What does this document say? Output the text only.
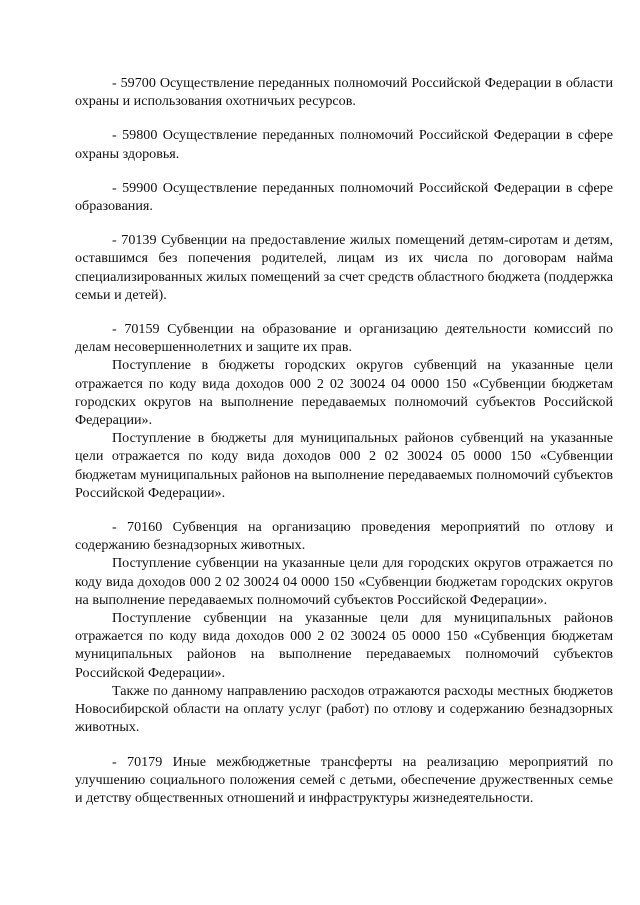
- 59700 Осуществление переданных полномочий Российской Федерации в области охраны и использования охотничьих ресурсов.

- 59800 Осуществление переданных полномочий Российской Федерации в сфере охраны здоровья.

- 59900 Осуществление переданных полномочий Российской Федерации в сфере образования.

- 70139 Субвенции на предоставление жилых помещений детям-сиротам и детям, оставшимся без попечения родителей, лицам из их числа по договорам найма специализированных жилых помещений за счет средств областного бюджета (поддержка семьи и детей).

- 70159 Субвенции на образование и организацию деятельности комиссий по делам несовершеннолетних и защите их прав.

Поступление в бюджеты городских округов субвенций на указанные цели отражается по коду вида доходов 000 2 02 30024 04 0000 150 «Субвенции бюджетам городских округов на выполнение передаваемых полномочий субъектов Российской Федерации».

Поступление в бюджеты для муниципальных районов субвенций на указанные цели отражается по коду вида доходов 000 2 02 30024 05 0000 150 «Субвенции бюджетам муниципальных районов на выполнение передаваемых полномочий субъектов Российской Федерации».

- 70160 Субвенция на организацию проведения мероприятий по отлову и содержанию безнадзорных животных.

Поступление субвенции на указанные цели для городских округов отражается по коду вида доходов 000 2 02 30024 04 0000 150 «Субвенции бюджетам городских округов на выполнение передаваемых полномочий субъектов Российской Федерации».

Поступление субвенции на указанные цели для муниципальных районов отражается по коду вида доходов 000 2 02 30024 05 0000 150 «Субвенция бюджетам муниципальных районов на выполнение передаваемых полномочий субъектов Российской Федерации».

Также по данному направлению расходов отражаются расходы местных бюджетов Новосибирской области на оплату услуг (работ) по отлову и содержанию безнадзорных животных.

- 70179 Иные межбюджетные трансферты на реализацию мероприятий по улучшению социального положения семей с детьми, обеспечение дружественных семье и детству общественных отношений и инфраструктуры жизнедеятельности.
